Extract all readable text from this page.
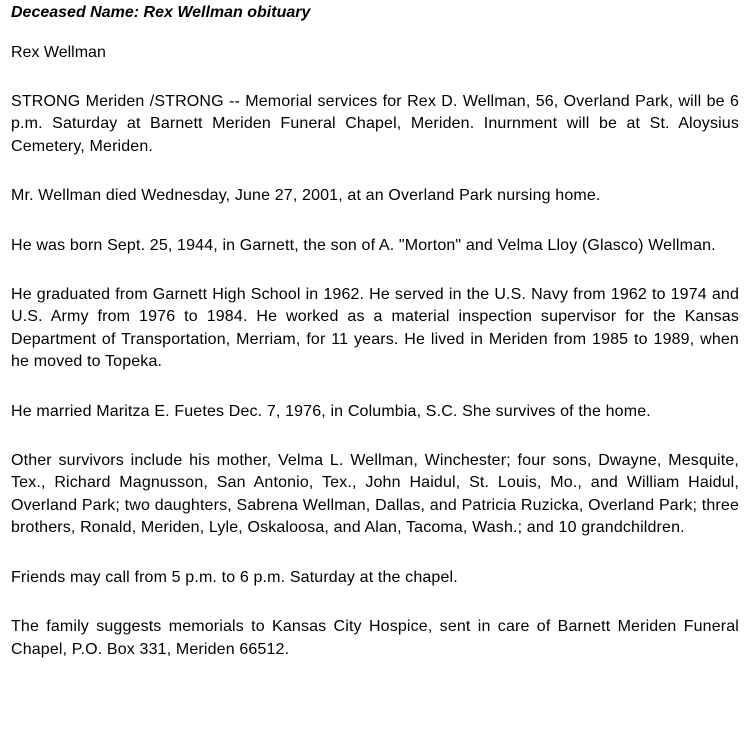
Deceased Name: Rex Wellman obituary
Rex Wellman

STRONG Meriden /STRONG -- Memorial services for Rex D. Wellman, 56, Overland Park, will be 6 p.m. Saturday at Barnett Meriden Funeral Chapel, Meriden. Inurnment will be at St. Aloysius Cemetery, Meriden.

Mr. Wellman died Wednesday, June 27, 2001, at an Overland Park nursing home.

He was born Sept. 25, 1944, in Garnett, the son of A. "Morton" and Velma Lloy (Glasco) Wellman.

He graduated from Garnett High School in 1962. He served in the U.S. Navy from 1962 to 1974 and U.S. Army from 1976 to 1984. He worked as a material inspection supervisor for the Kansas Department of Transportation, Merriam, for 11 years. He lived in Meriden from 1985 to 1989, when he moved to Topeka.

He married Maritza E. Fuetes Dec. 7, 1976, in Columbia, S.C. She survives of the home.

Other survivors include his mother, Velma L. Wellman, Winchester; four sons, Dwayne, Mesquite, Tex., Richard Magnusson, San Antonio, Tex., John Haidul, St. Louis, Mo., and William Haidul, Overland Park; two daughters, Sabrena Wellman, Dallas, and Patricia Ruzicka, Overland Park; three brothers, Ronald, Meriden, Lyle, Oskaloosa, and Alan, Tacoma, Wash.; and 10 grandchildren.

Friends may call from 5 p.m. to 6 p.m. Saturday at the chapel.

The family suggests memorials to Kansas City Hospice, sent in care of Barnett Meriden Funeral Chapel, P.O. Box 331, Meriden 66512.
